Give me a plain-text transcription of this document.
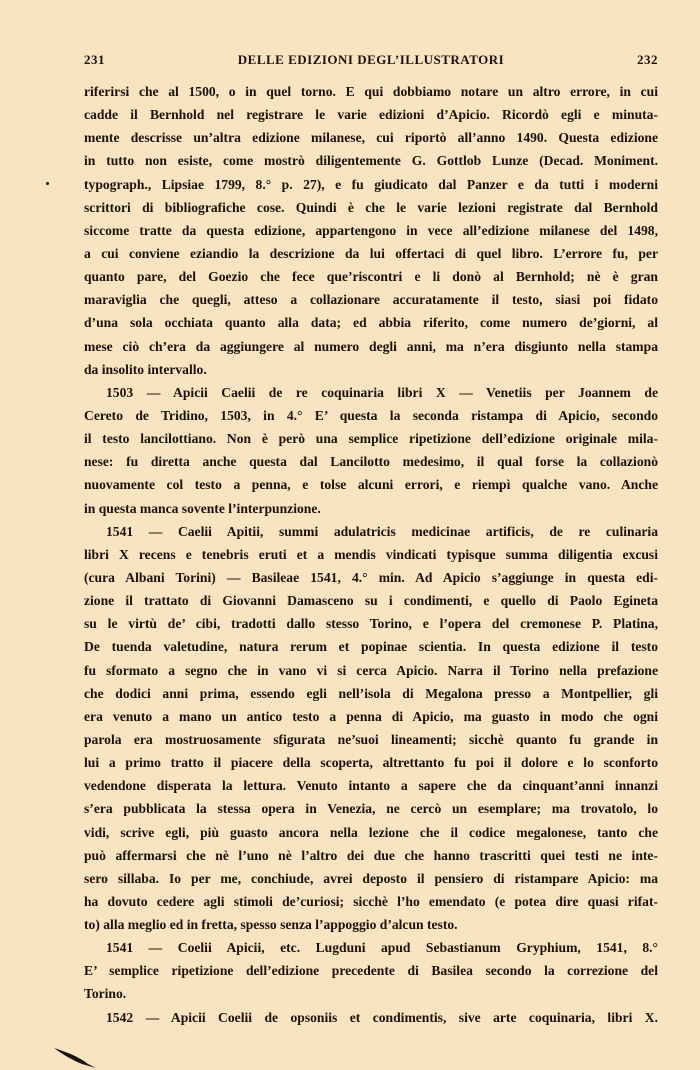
231	DELLE EDIZIONI DEGL’ILLUSTRATORI	232
riferirsi che al 1500, o in quel torno. E qui dobbiamo notare un altro errore, in cui
cadde il Bernhold nel registrare le varie edizioni d’Apicio. Ricordò egli e minuta-
mente descrisse un’altra edizione milanese, cui riportò all’anno 1490. Questa edizione
in tutto non esiste, come mostrò diligentemente G. Gottlob Lunze (Decad. Moniment.
typograph., Lipsiae 1799, 8.° p. 27), e fu giudicato dal Panzer e da tutti i moderni
scrittori di bibliografiche cose. Quindi è che le varie lezioni registrate dal Bernhold
siccome tratte da questa edizione, appartengono in vece all’edizione milanese del 1498,
a cui conviene eziandio la descrizione da lui offertaci di quel libro. L’errore fu, per
quanto pare, del Goezio che fece que’riscontri e li donò al Bernhold; nè è gran
maraviglia che quegli, atteso a collazionare accuratamente il testo, siasi poi fidato
d’una sola occhiata quanto alla data; ed abbia riferito, come numero de’giorni, al
mese ciò ch’era da aggiungere al numero degli anni, ma n’era disgiunto nella stampa
da insolito intervallo.
1503 — Apicii Caelii de re coquinaria libri X — Venetiis per Joannem de
Cereto de Tridino, 1503, in 4.° E’ questa la seconda ristampa di Apicio, secondo
il testo lancilottiano. Non è però una semplice ripetizione dell’edizione originale mila-
nese: fu diretta anche questa dal Lancilotto medesimo, il qual forse la collazionò
nuovamente col testo a penna, e tolse alcuni errori, e riempì qualche vano. Anche
in questa manca sovente l’interpunzione.
1541 — Caelii Apitii, summi adulatricis medicinae artificis, de re culinaria
libri X recens e tenebris eruti et a mendis vindicati typisque summa diligentia excusi
(cura Albani Torini) — Basileae 1541, 4.° min. Ad Apicio s’aggiunge in questa edi-
zione il trattato di Giovanni Damasceno su i condimenti, e quello di Paolo Egineta
su le virtù de’ cibi, tradotti dallo stesso Torino, e l’opera del cremonese P. Platina,
De tuenda valetudine, natura rerum et popinae scientia. In questa edizione il testo
fu sformato a segno che in vano vi si cerca Apicio. Narra il Torino nella prefazione
che dodici anni prima, essendo egli nell’isola di Megalona presso a Montpellier, gli
era venuto a mano un antico testo a penna di Apicio, ma guasto in modo che ogni
parola era mostruosamente sfigurata ne’suoi lineamenti; sicchè quanto fu grande in
lui a primo tratto il piacere della scoperta, altrettanto fu poi il dolore e lo sconforto
vedendone disperata la lettura. Venuto intanto a sapere che da cinquant’anni innanzi
s’era pubblicata la stessa opera in Venezia, ne cercò un esemplare; ma trovatolo, lo
vidi, scrive egli, più guasto ancora nella lezione che il codice megalonese, tanto che
può affermarsi che nè l’uno nè l’altro dei due che hanno trascritti quei testi ne inte-
sero sillaba. Io per me, conchiude, avrei deposto il pensiero di ristampare Apicio: ma
ha dovuto cedere agli stimoli de’curiosi; sicchè l’ho emendato (e potea dire quasi rifat-
to) alla meglio ed in fretta, spesso senza l’appoggio d’alcun testo.
1541 — Coelii Apicii, etc. Lugduni apud Sebastianum Gryphium, 1541, 8.°
E’ semplice ripetizione dell’edizione precedente di Basilea secondo la correzione del
Torino.
1542 — Apicii Coelii de opsoniis et condimentis, sive arte coquinaria, libri X.
